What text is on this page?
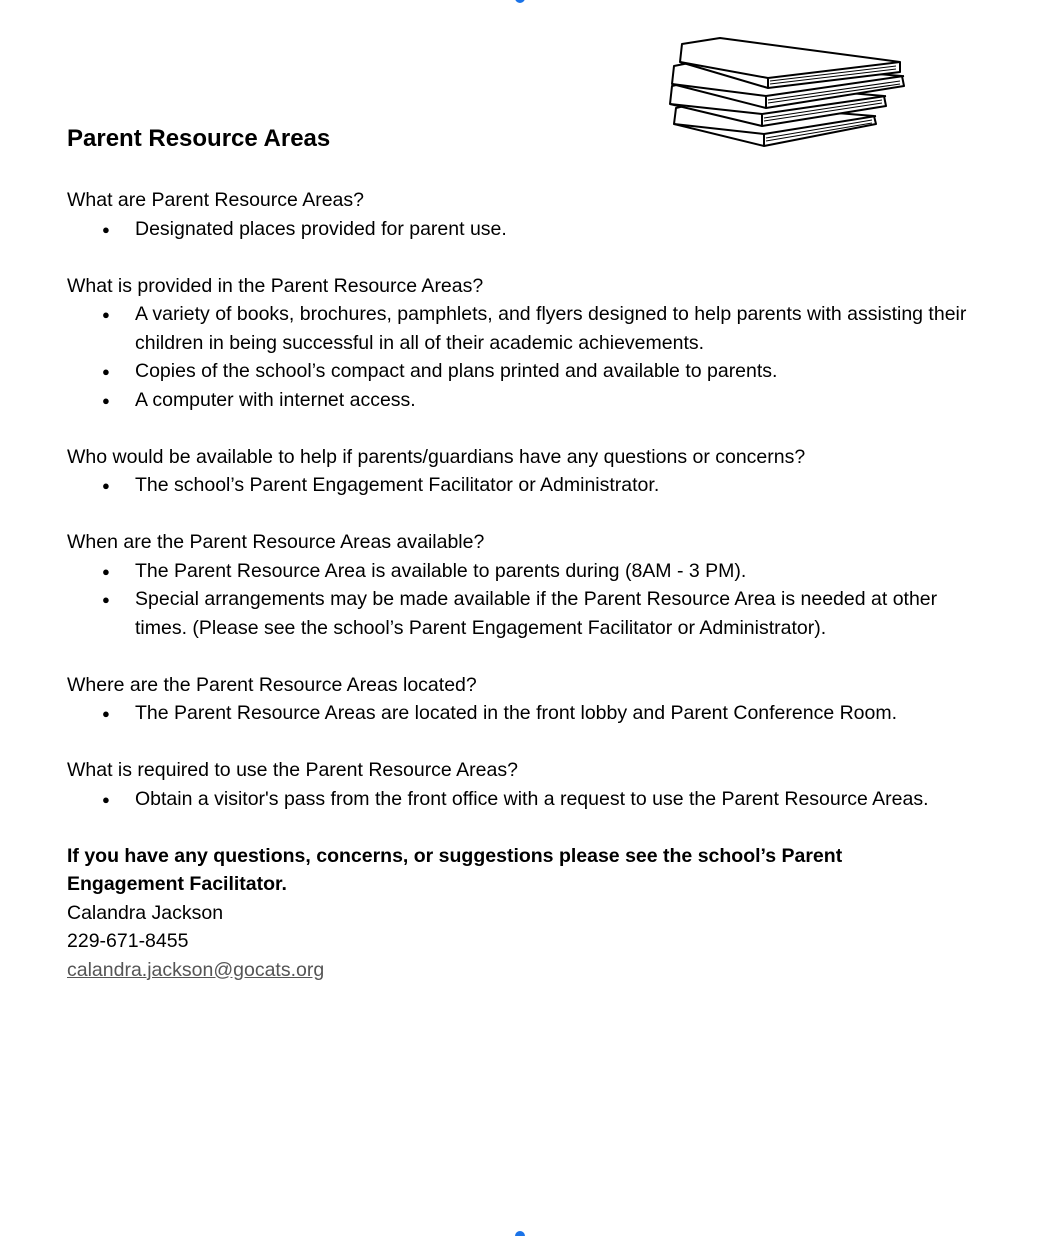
Parent Resource Areas

What are Parent Resource Areas?

● Designated places provided for parent use.

What is provided in the Parent Resource Areas?

● A variety of books, brochures, pamphlets, and flyers designed to help parents with assisting their children in being successful in all of their academic achievements.
● Copies of the school’s compact and plans printed and available to parents.
● A computer with internet access.

Who would be available to help if parents/guardians have any questions or concerns?

● The school’s Parent Engagement Facilitator or Administrator.

When are the Parent Resource Areas available?

● The Parent Resource Area is available to parents during (8AM - 3 PM).
● Special arrangements may be made available if the Parent Resource Area is needed at other times. (Please see the school’s Parent Engagement Facilitator or Administrator).

Where are the Parent Resource Areas located?

● The Parent Resource Areas are located in the front lobby and Parent Conference Room.

What is required to use the Parent Resource Areas?

● Obtain a visitor's pass from the front office with a request to use the Parent Resource Areas.

If you have any questions, concerns, or suggestions please see the school’s Parent Engagement Facilitator.

Calandra Jackson

229-671-8455

calandra.jackson@gocats.org
